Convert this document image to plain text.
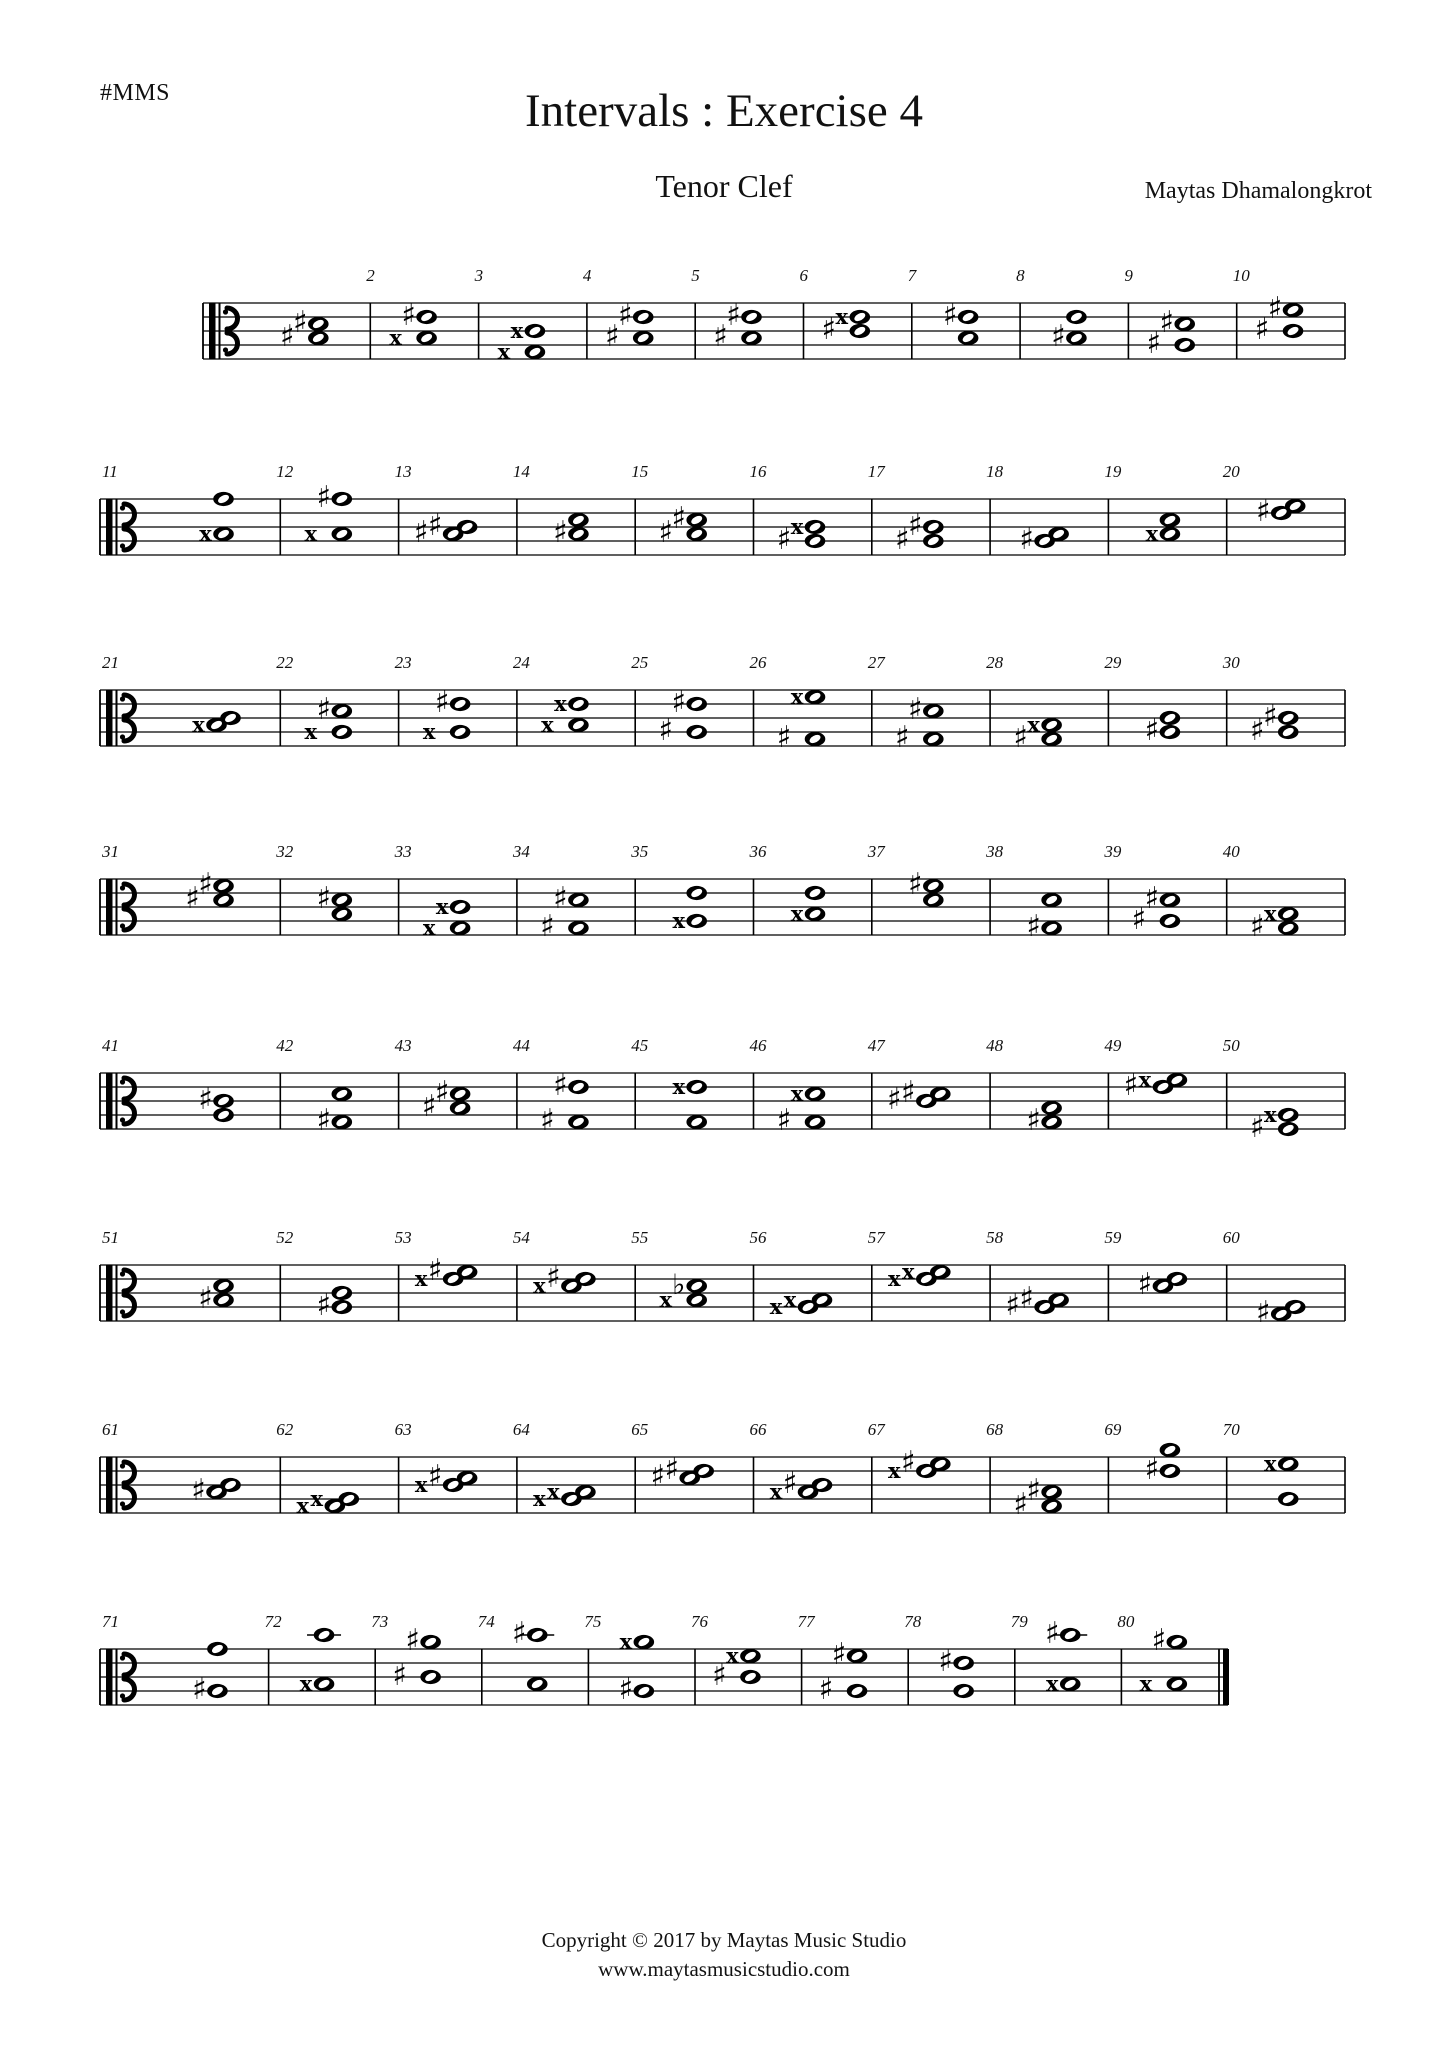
#MMS	Intervals : Exercise 4
Tenor Clef	Maytas Dhamalongkrot
♯
♯
2
♯
x
3
x
x
4
♯
♯
5
♯
♯
6
x
♯
7
♯
8
♯
9
♯
♯
10
♯
♯
11
x
12
♯
x
13
♯
♯
14
♯
15
♯
♯
16
x
♯
17
♯
♯
18
♯
19
x
20
♯
21
x
22
♯
x
23
♯
x
24
x
x
25
♯
♯
26
x
♯
27
♯
♯
28
x
♯
29
♯
30
♯
♯
31
♯
♯
32
♯
33
x
x
34
♯
♯
35
x
36
x
37
♯
38
♯
39
♯
♯
40
x
♯
41
♯
42
♯
43
♯
♯
44
♯
♯
45
x
46
x
♯
47
♯
♯
48
♯
49
x
♯
50
x
♯
51
♯
52
♯
53
♯
x
54
♯
x
55
♭
x
56
x
x
57
x
x
58
♯
♯
59
♯
60
♯
61
♯
62
x
x
63
♯
x
64
x
x
65
♯
♯
66
♯
x
67
♯
x
68
♯
♯
69
♯
70
x
71
♯
72
x
73
♯
♯
74 ♯	75
x
♯
76
x
♯
77
♯
♯
78
♯
79 ♯
x
80
♯
x
Copyright © 2017 by Maytas Music Studio
www.maytasmusicstudio.com
